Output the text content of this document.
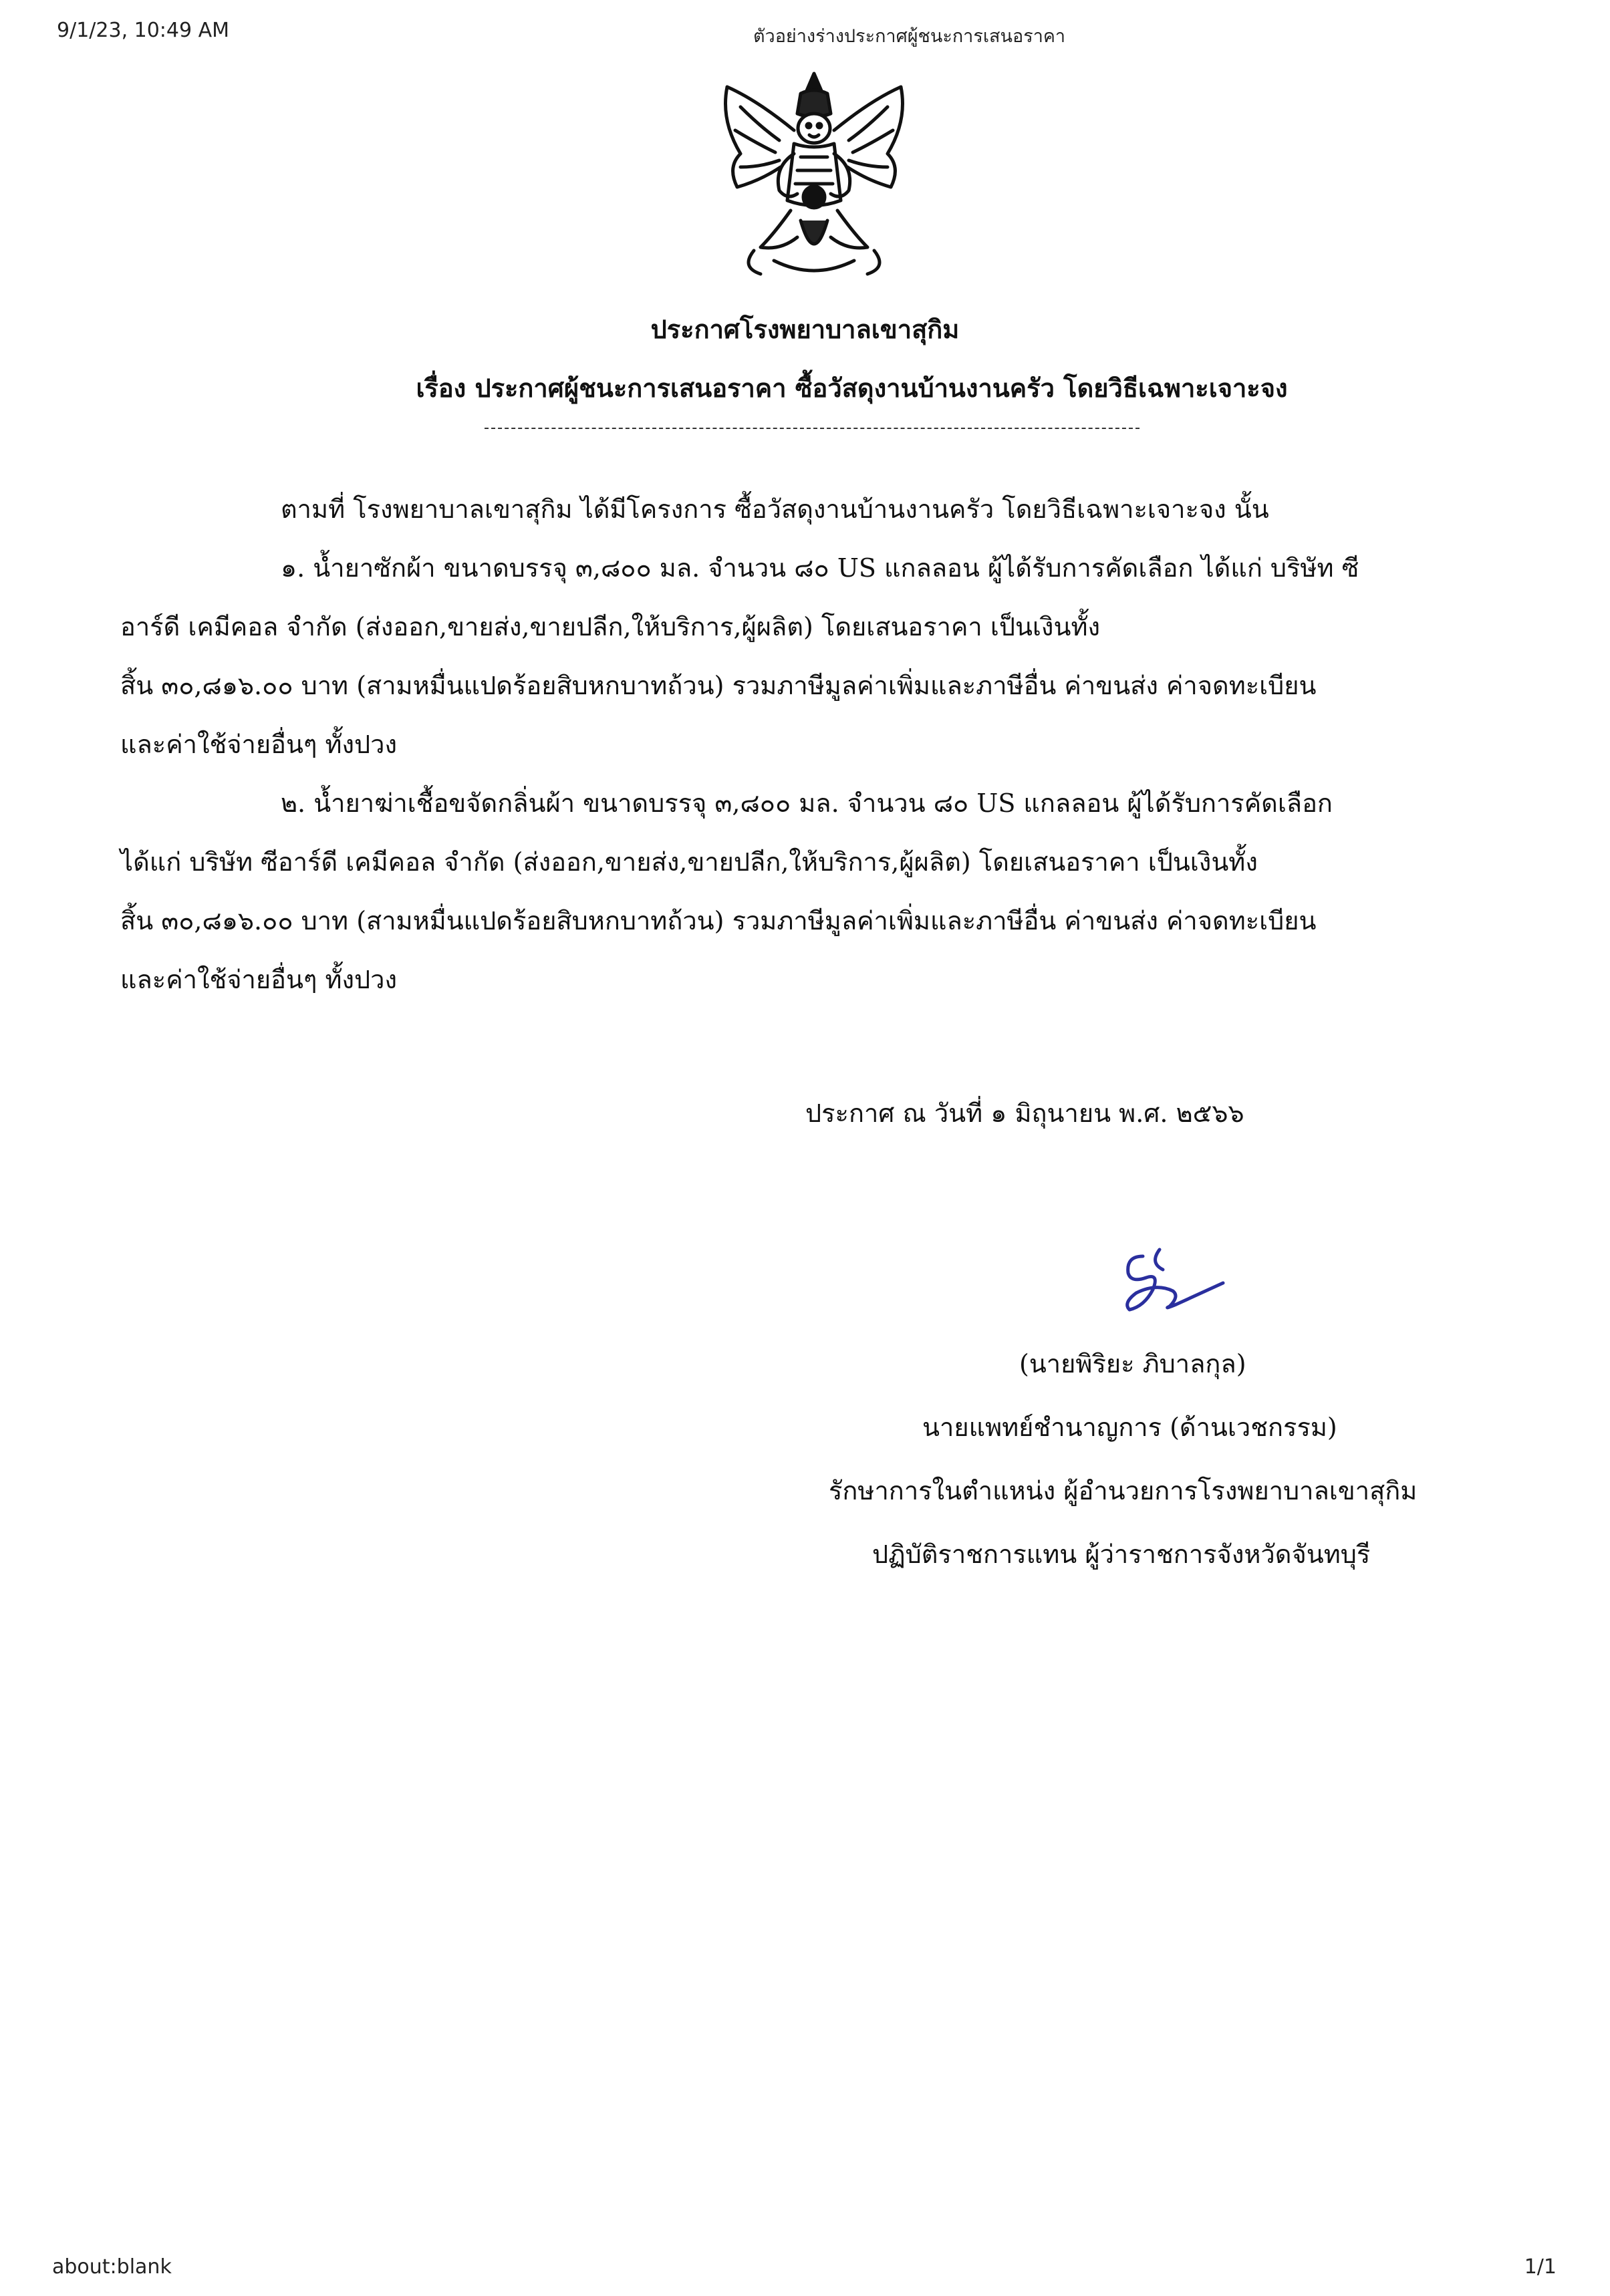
9/1/23, 10:49 AM	ตัวอย่างร่างประกาศผู้ชนะการเสนอราคา
ประกาศโรงพยาบาลเขาสุกิม
เรื่อง ประกาศผู้ชนะการเสนอราคา ซื้อวัสดุงานบ้านงานครัว โดยวิธีเฉพาะเจาะจง
ตามที่ โรงพยาบาลเขาสุกิม ได้มีโครงการ ซื้อวัสดุงานบ้านงานครัว โดยวิธีเฉพาะเจาะจง นั้น
๑. น้ำยาซักผ้า ขนาดบรรจุ ๓,๘๐๐ มล. จำนวน ๘๐ US แกลลอน ผู้ได้รับการคัดเลือก ได้แก่ บริษัท ซี
อาร์ดี เคมีคอล จำกัด (ส่งออก,ขายส่ง,ขายปลีก,ให้บริการ,ผู้ผลิต) โดยเสนอราคา เป็นเงินทั้ง
สิ้น ๓๐,๘๑๖.๐๐ บาท (สามหมื่นแปดร้อยสิบหกบาทถ้วน) รวมภาษีมูลค่าเพิ่มและภาษีอื่น ค่าขนส่ง ค่าจดทะเบียน
และค่าใช้จ่ายอื่นๆ ทั้งปวง
๒. น้ำยาฆ่าเชื้อขจัดกลิ่นผ้า ขนาดบรรจุ ๓,๘๐๐ มล. จำนวน ๘๐ US แกลลอน ผู้ได้รับการคัดเลือก
ได้แก่ บริษัท ซีอาร์ดี เคมีคอล จำกัด (ส่งออก,ขายส่ง,ขายปลีก,ให้บริการ,ผู้ผลิต) โดยเสนอราคา เป็นเงินทั้ง
สิ้น ๓๐,๘๑๖.๐๐ บาท (สามหมื่นแปดร้อยสิบหกบาทถ้วน) รวมภาษีมูลค่าเพิ่มและภาษีอื่น ค่าขนส่ง ค่าจดทะเบียน
และค่าใช้จ่ายอื่นๆ ทั้งปวง
ประกาศ ณ วันที่ ๑ มิถุนายน พ.ศ. ๒๕๖๖
(นายพิริยะ ภิบาลกุล)
นายแพทย์ชำนาญการ (ด้านเวชกรรม)
รักษาการในตำแหน่ง ผู้อำนวยการโรงพยาบาลเขาสุกิม
ปฏิบัติราชการแทน ผู้ว่าราชการจังหวัดจันทบุรี
about:blank	1/1
